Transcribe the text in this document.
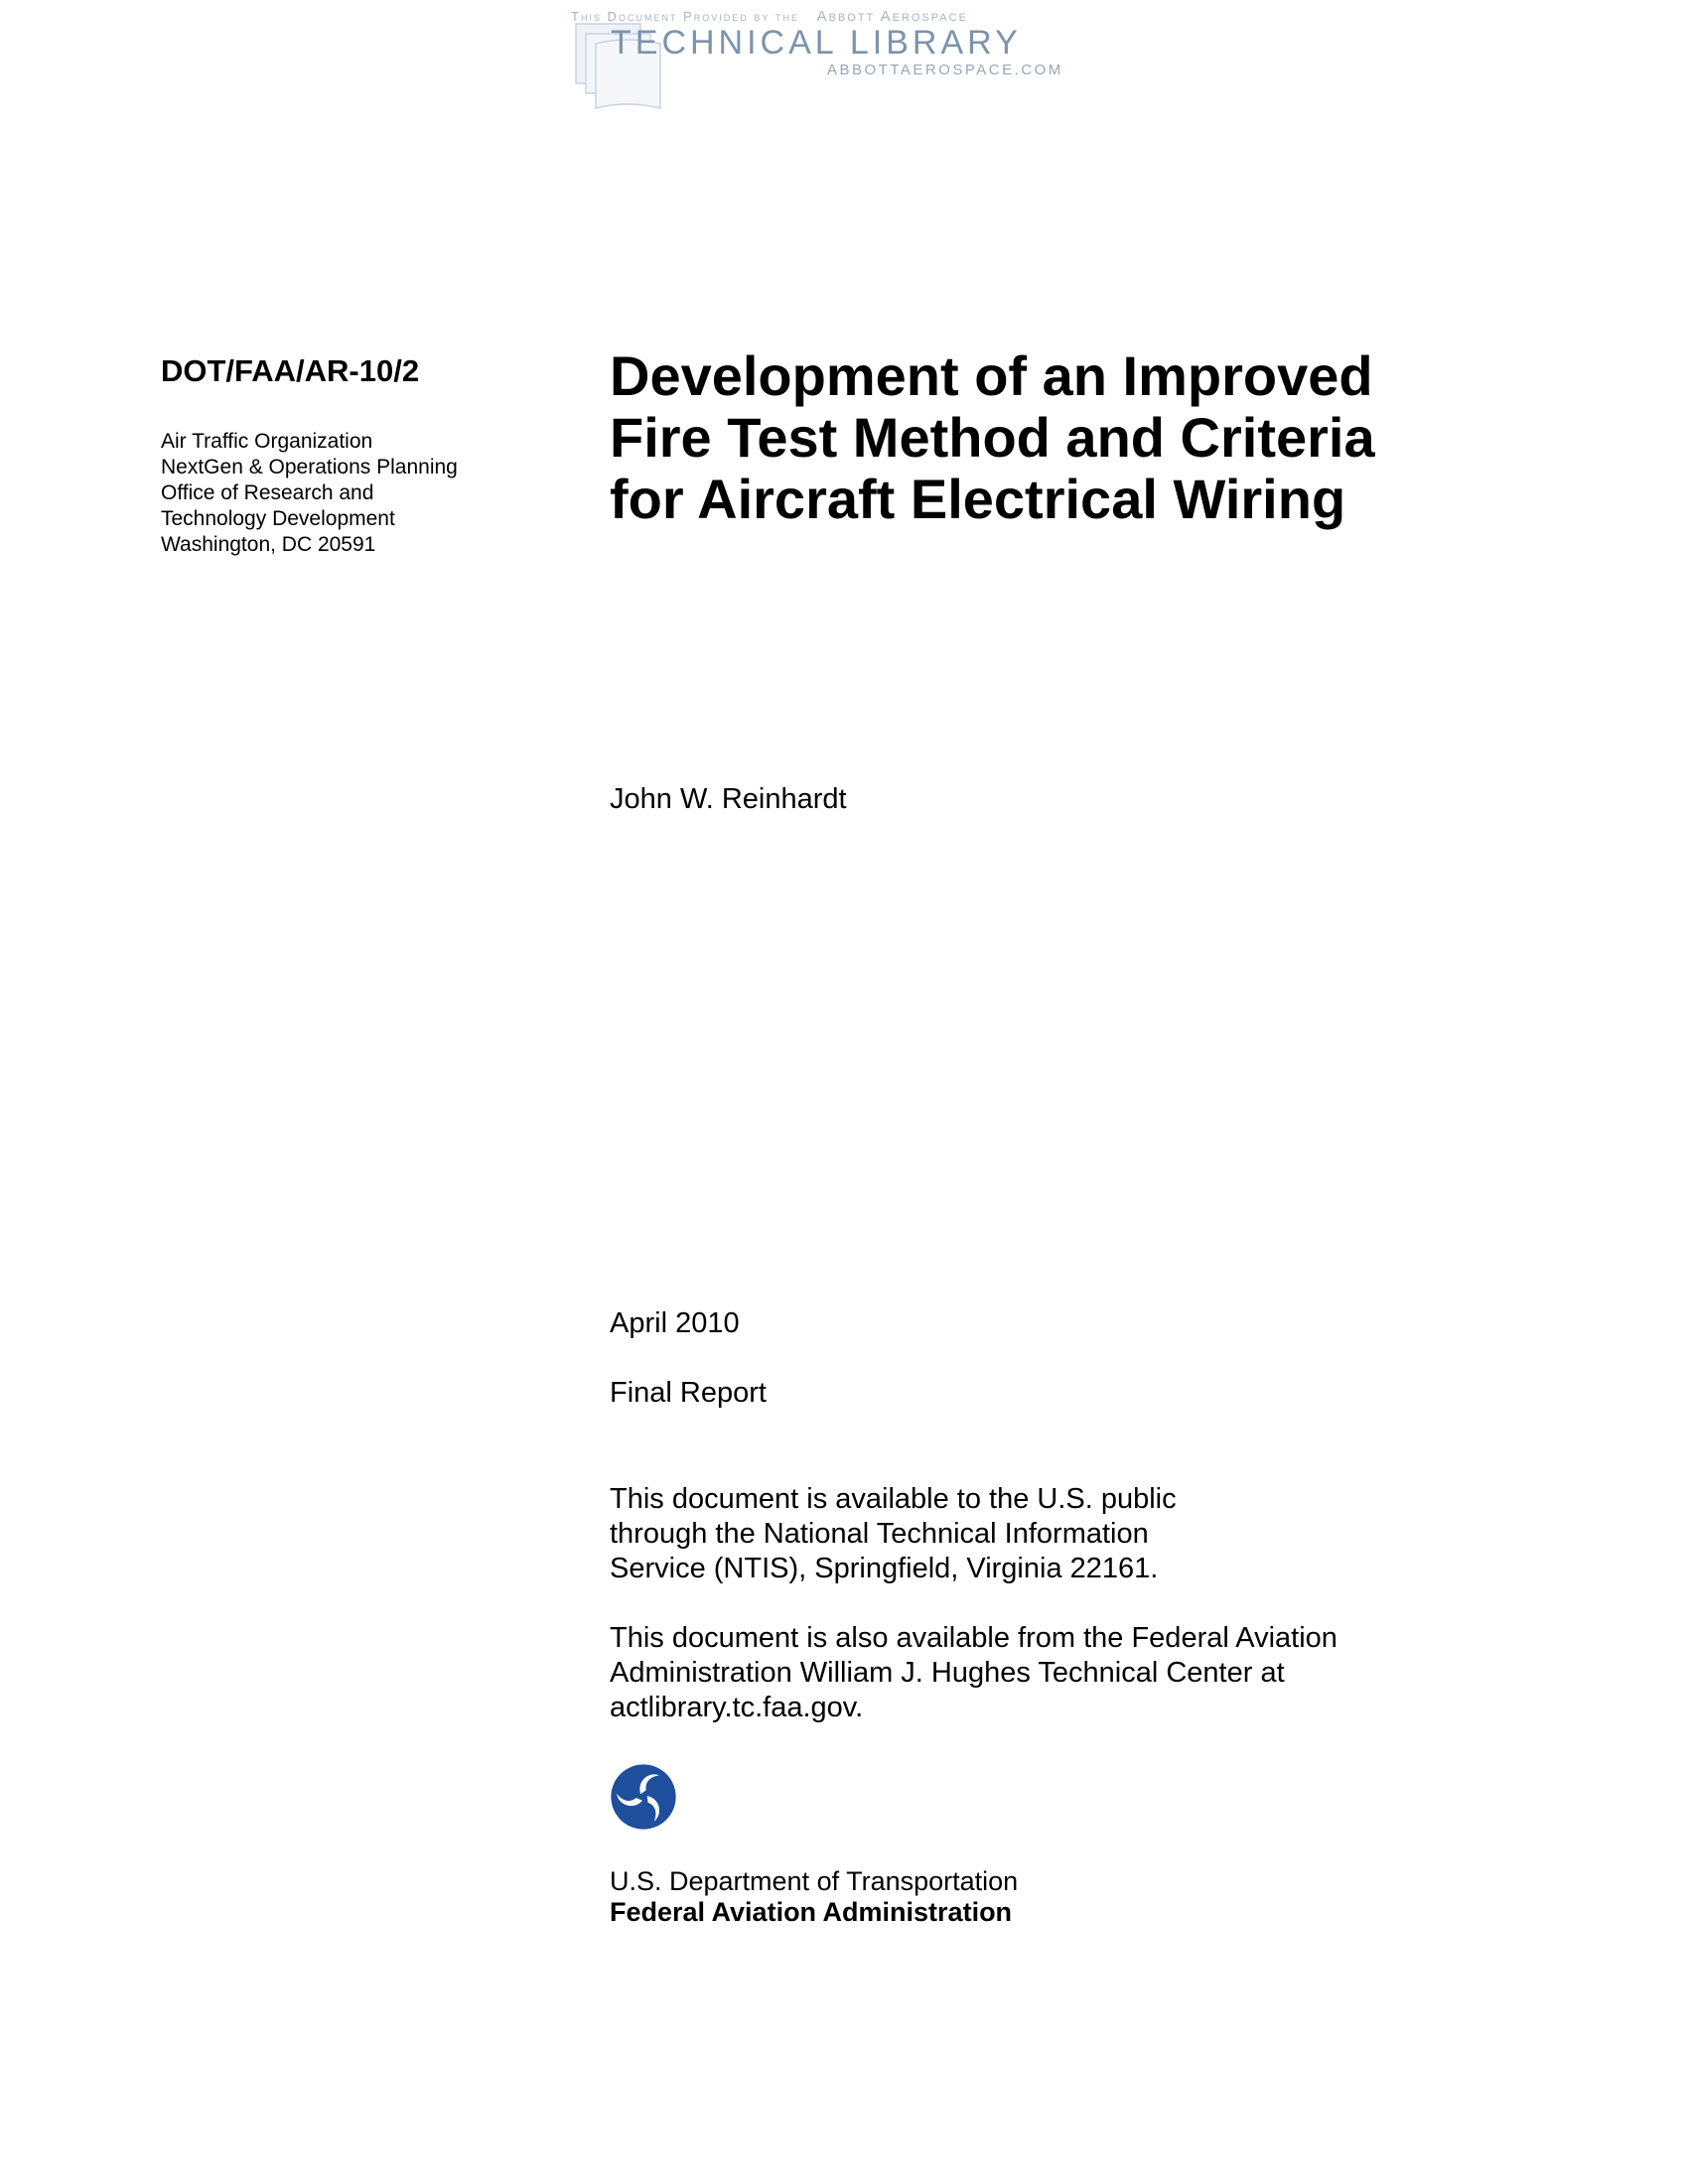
This Document Provided by the Abbott Aerospace
TECHNICAL LIBRARY
ABBOTTAEROSPACE.COM
DOT/FAA/AR-10/2
Air Traffic Organization
NextGen & Operations Planning
Office of Research and
Technology Development
Washington, DC 20591
Development of an Improved
Fire Test Method and Criteria
for Aircraft Electrical Wiring
John W. Reinhardt
April 2010
Final Report
This document is available to the U.S. public
through the National Technical Information
Service (NTIS), Springfield, Virginia 22161.
This document is also available from the Federal Aviation
Administration William J. Hughes Technical Center at
actlibrary.tc.faa.gov.
U.S. Department of Transportation
Federal Aviation Administration
